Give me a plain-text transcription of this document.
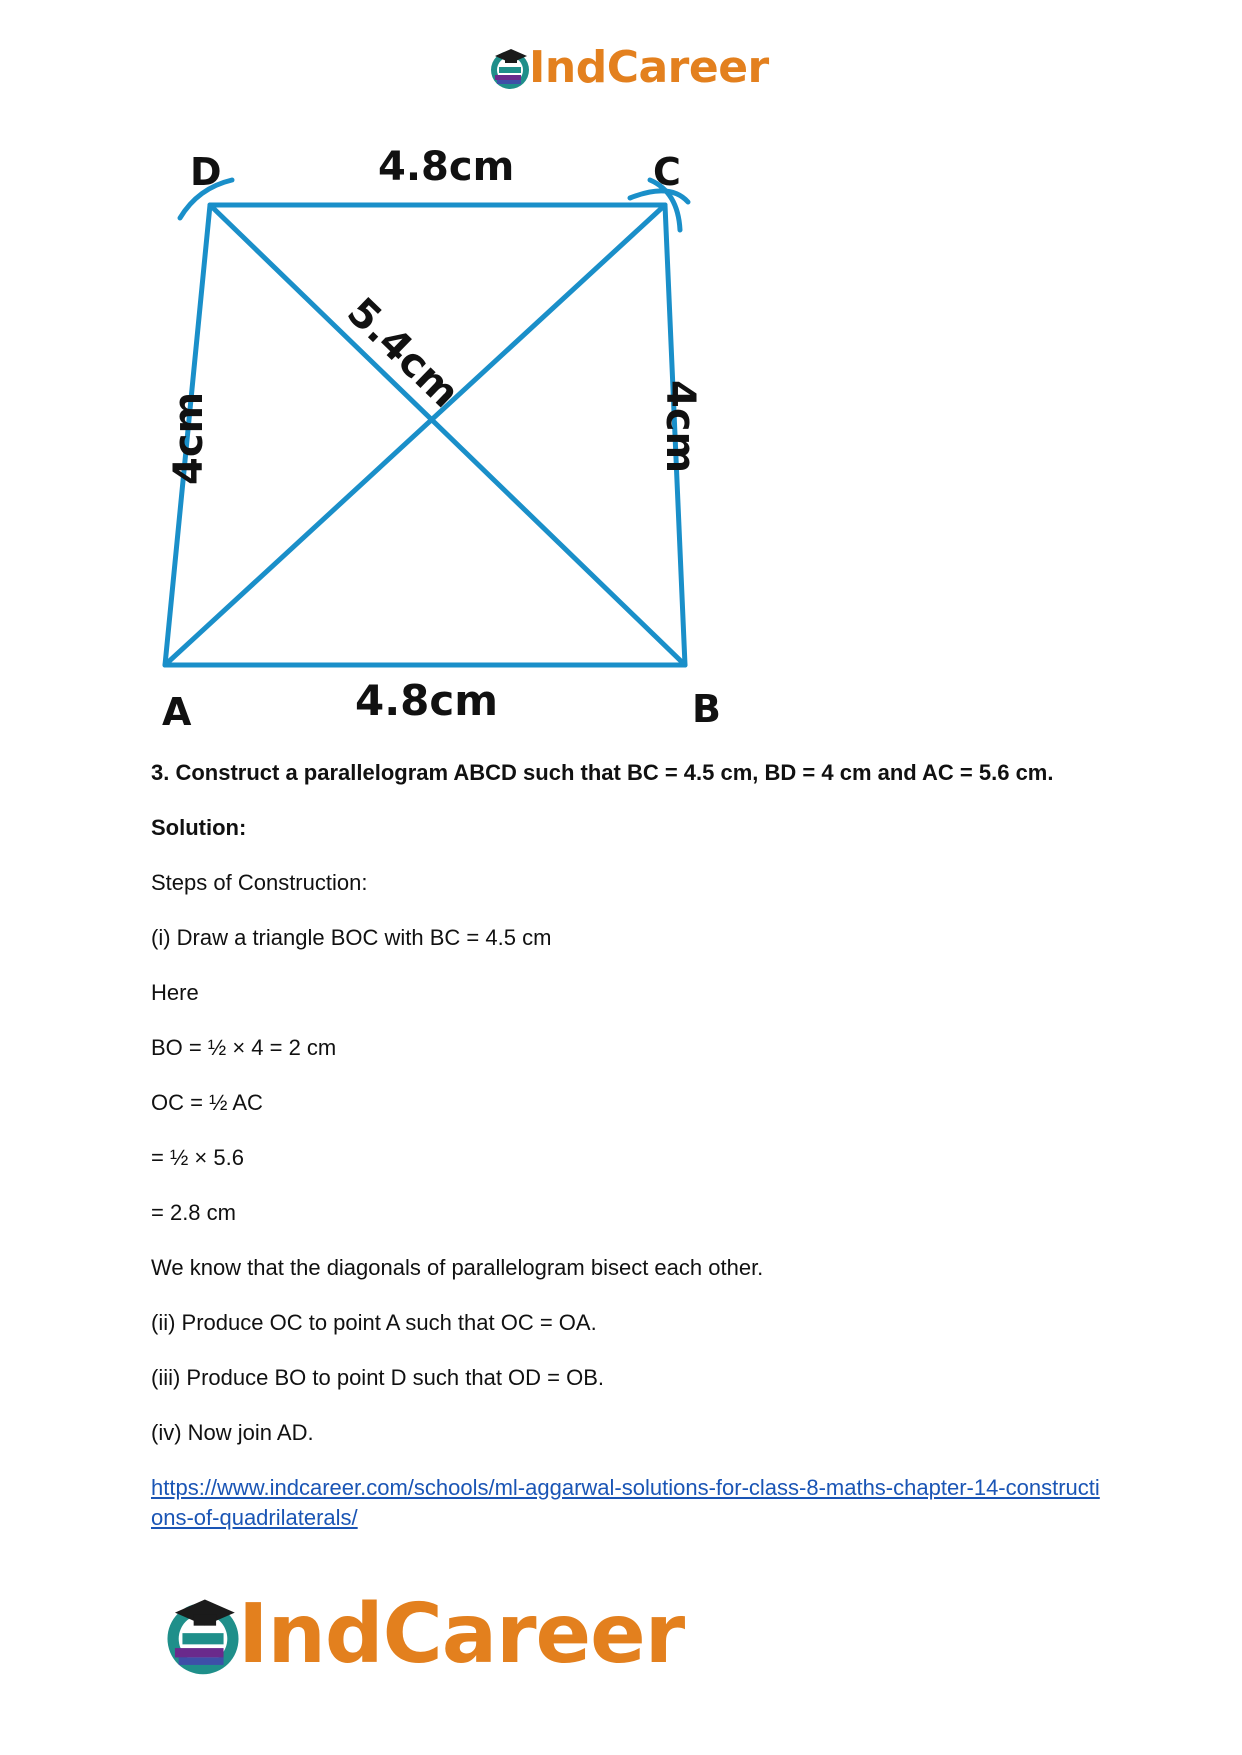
IndCareer
D	C
A	B
4.8cm
4.8cm
4cm	4cm
5.4cm

3. Construct a parallelogram ABCD such that BC = 4.5 cm, BD = 4 cm and AC = 5.6 cm.

Solution:

Steps of Construction:

(i) Draw a triangle BOC with BC = 4.5 cm

Here

BO = ½ × 4 = 2 cm

OC = ½ AC

= ½ × 5.6

= 2.8 cm

We know that the diagonals of parallelogram bisect each other.

(ii) Produce OC to point A such that OC = OA.

(iii) Produce BO to point D such that OD = OB.

(iv) Now join AD.

https://www.indcareer.com/schools/ml-aggarwal-solutions-for-class-8-maths-chapter-14-constructions-of-quadrilaterals/
IndCareer
